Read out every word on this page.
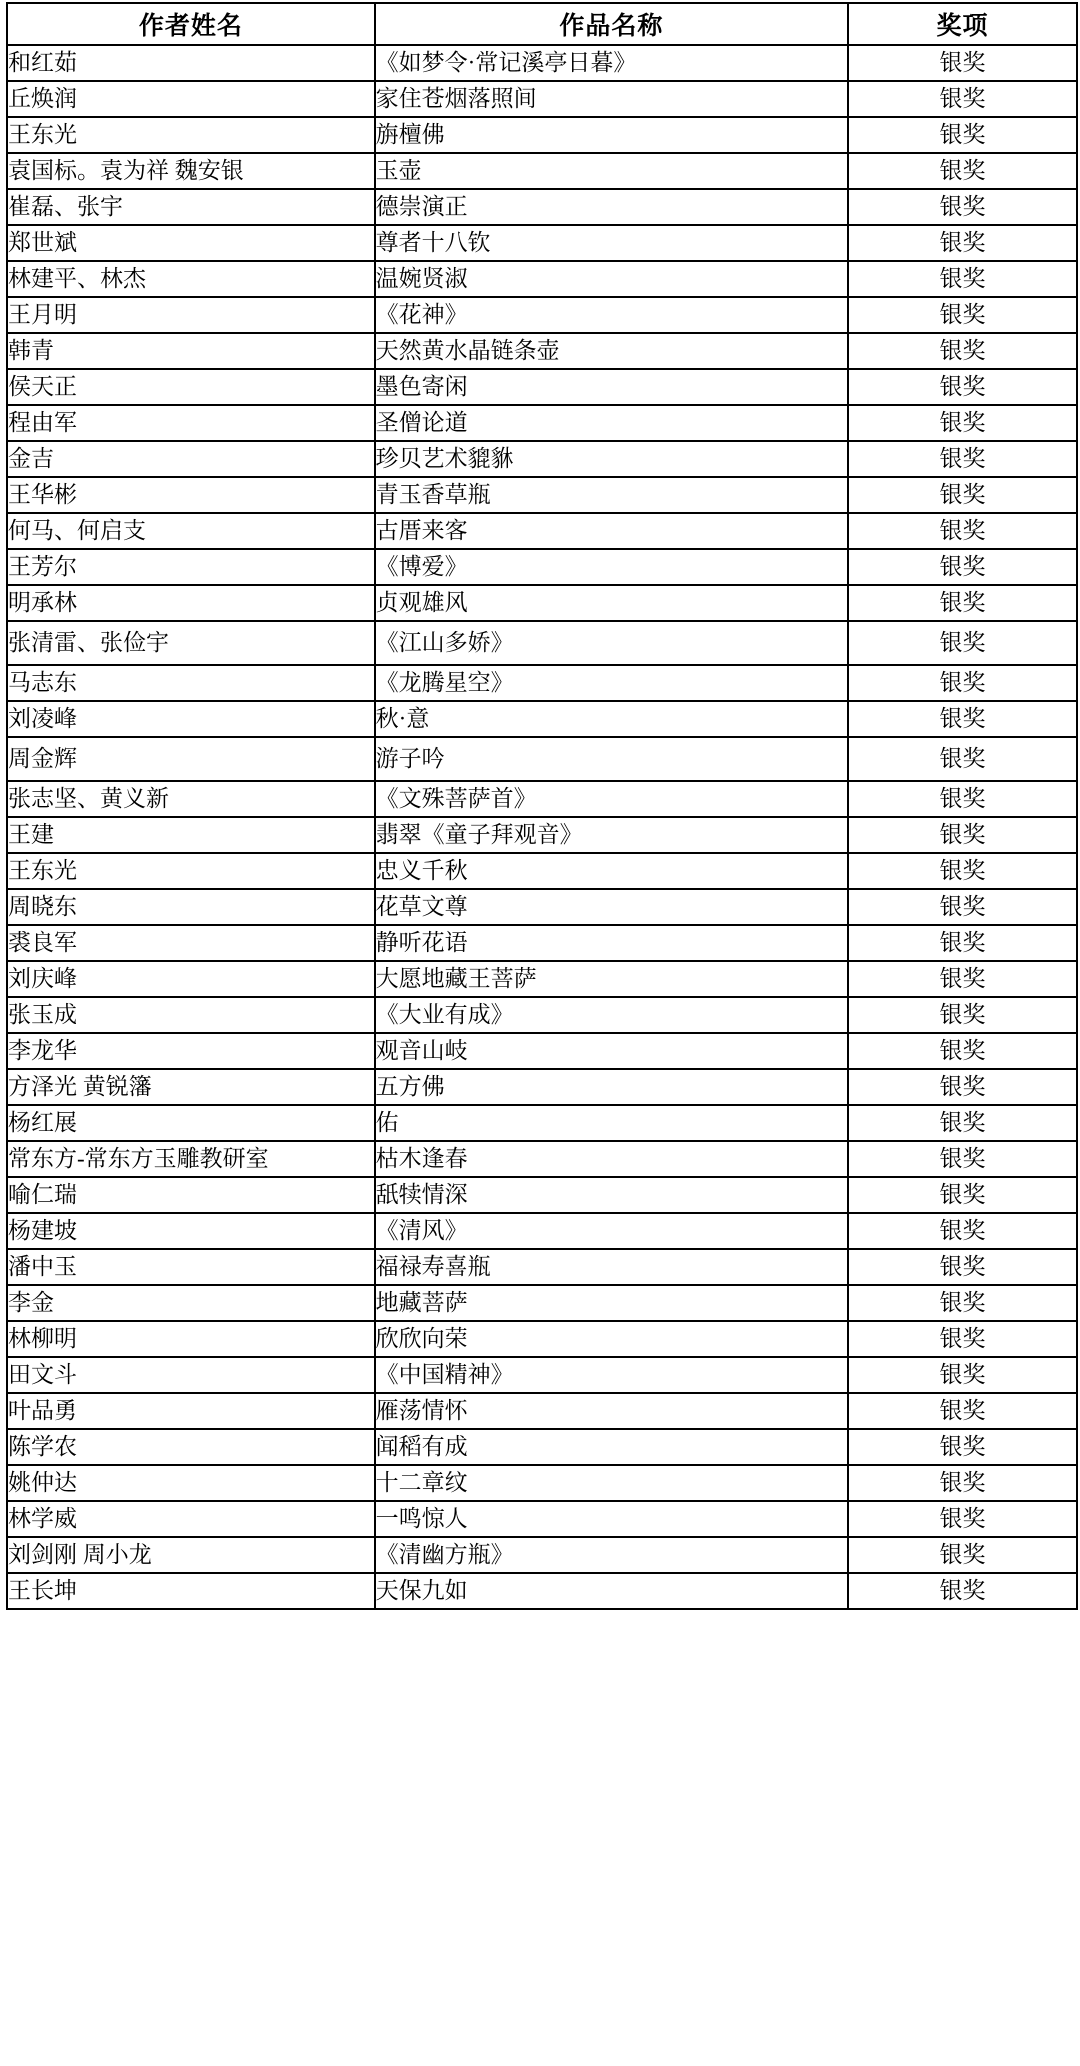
作者姓名	作品名称	奖项
和红茹	《如梦令·常记溪亭日暮》	银奖
丘焕润	家住苍烟落照间	银奖
王东光	旃檀佛	银奖
袁国标。袁为祥 魏安银	玉壶	银奖
崔磊、张宇	德崇演正	银奖
郑世斌	尊者十八钦	银奖
林建平、林杰	温婉贤淑	银奖
王月明	《花神》	银奖
韩青	天然黄水晶链条壶	银奖
侯天正	墨色寄闲	银奖
程由军	圣僧论道	银奖
金吉	珍贝艺术貔貅	银奖
王华彬	青玉香草瓶	银奖
何马、何启支	古厝来客	银奖
王芳尔	《博爱》	银奖
明承林	贞观雄风	银奖
张清雷、张俭宇	《江山多娇》	银奖
马志东	《龙腾星空》	银奖
刘凌峰	秋·意	银奖
周金辉	游子吟	银奖
张志坚、黄义新	《文殊菩萨首》	银奖
王建	翡翠《童子拜观音》	银奖
王东光	忠义千秋	银奖
周晓东	花草文尊	银奖
裘良军	静听花语	银奖
刘庆峰	大愿地藏王菩萨	银奖
张玉成	《大业有成》	银奖
李龙华	观音山岐	银奖
方泽光 黄锐籓	五方佛	银奖
杨红展	佑	银奖
常东方-常东方玉雕教研室	枯木逢春	银奖
喻仁瑞	舐犊情深	银奖
杨建坡	《清风》	银奖
潘中玉	福禄寿喜瓶	银奖
李金	地藏菩萨	银奖
林柳明	欣欣向荣	银奖
田文斗	《中国精神》	银奖
叶品勇	雁荡情怀	银奖
陈学农	闻稻有成	银奖
姚仲达	十二章纹	银奖
林学威	一鸣惊人	银奖
刘剑刚 周小龙	《清幽方瓶》	银奖
王长坤	天保九如	银奖
